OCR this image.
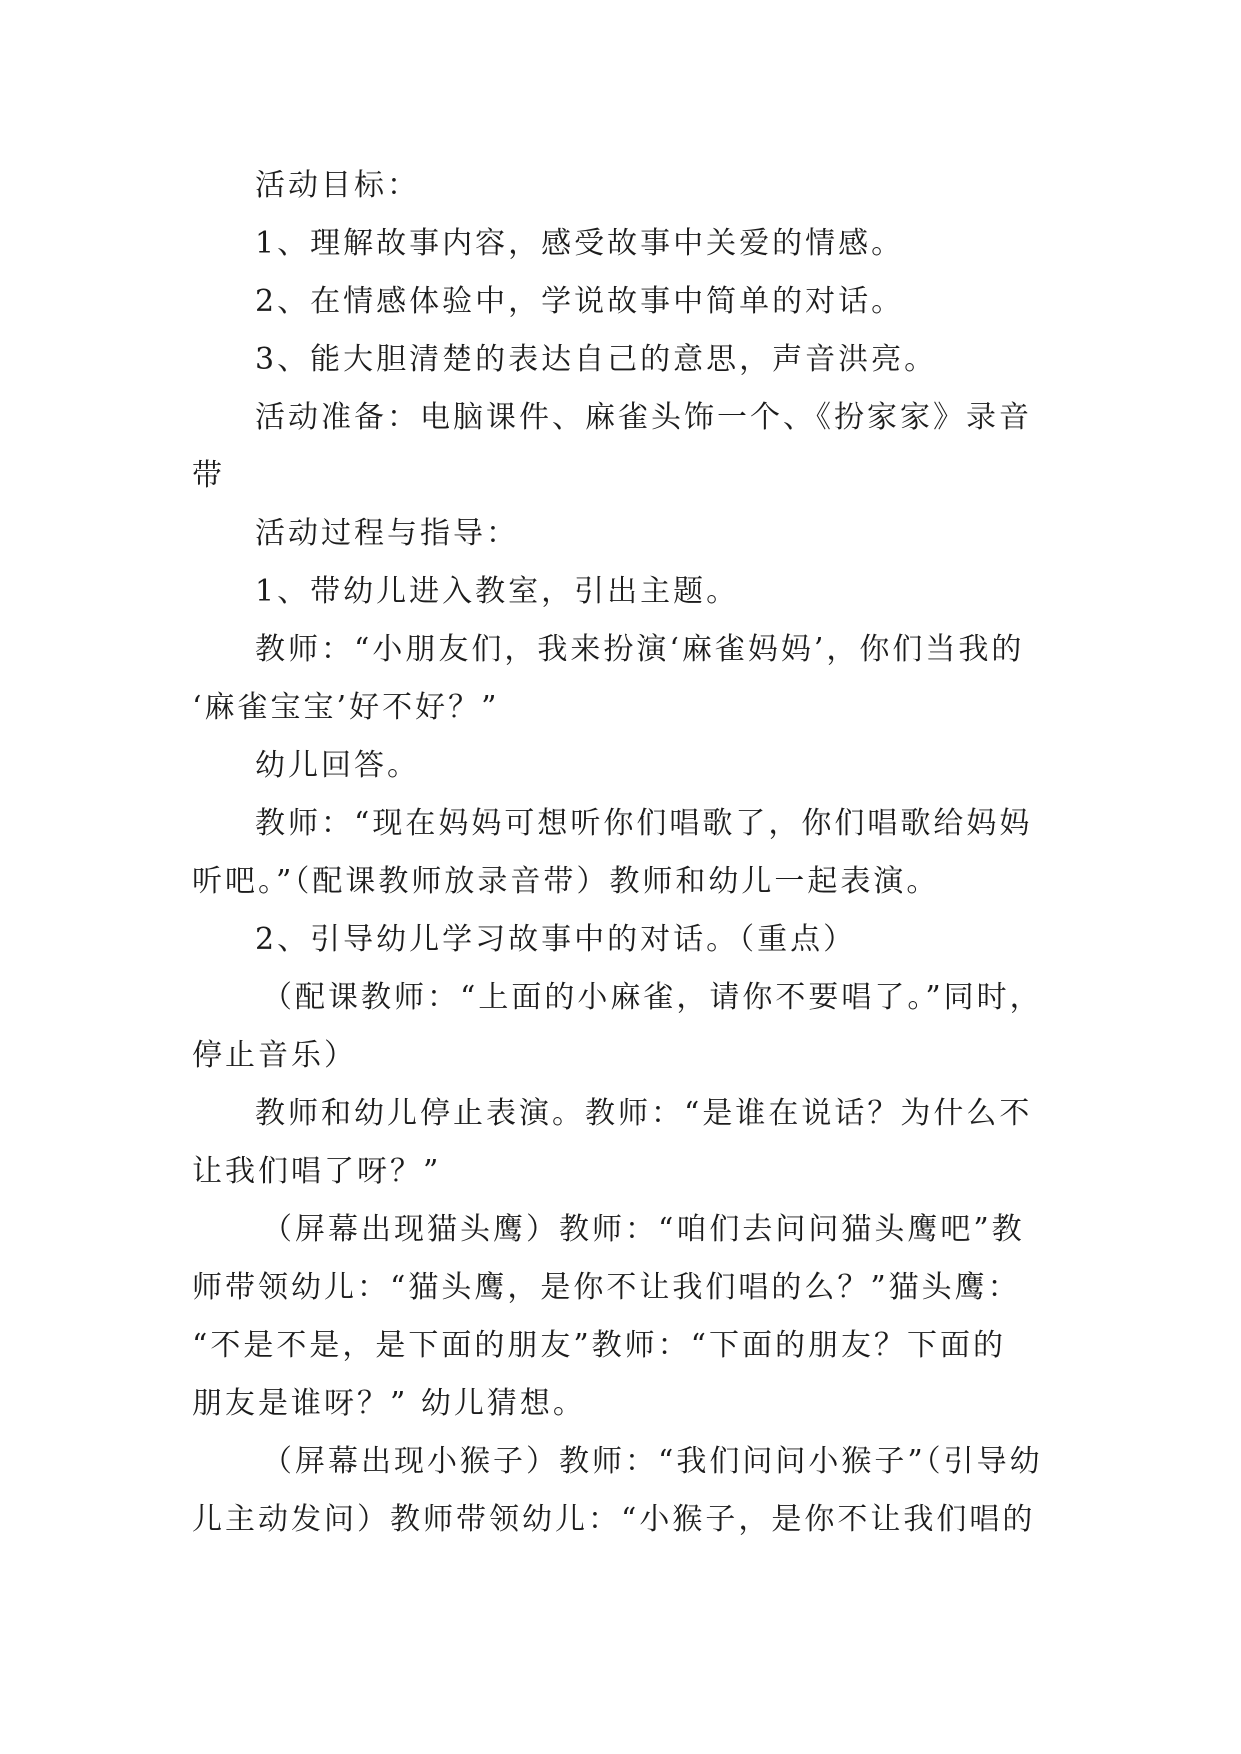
活动目标：
1、理解故事内容，感受故事中关爱的情感。
2、在情感体验中，学说故事中简单的对话。
3、能大胆清楚的表达自己的意思，声音洪亮。
活动准备：电脑课件、麻雀头饰一个、《扮家家》录音
带
活动过程与指导：
1、带幼儿进入教室，引出主题。
教师：“小朋友们，我来扮演‘麻雀妈妈’，你们当我的
‘麻雀宝宝’好不好？”
幼儿回答。
教师：“现在妈妈可想听你们唱歌了，你们唱歌给妈妈
听吧。”（配课教师放录音带）教师和幼儿一起表演。
2、引导幼儿学习故事中的对话。（重点）
（配课教师：“上面的小麻雀，请你不要唱了。”同时，
停止音乐）
教师和幼儿停止表演。教师：“是谁在说话？为什么不
让我们唱了呀？”
（屏幕出现猫头鹰）教师：“咱们去问问猫头鹰吧”教
师带领幼儿：“猫头鹰，是你不让我们唱的么？”猫头鹰：
“不是不是，是下面的朋友”教师：“下面的朋友？下面的
朋友是谁呀？” 幼儿猜想。
（屏幕出现小猴子）教师：“我们问问小猴子”（引导幼
儿主动发问）教师带领幼儿：“小猴子，是你不让我们唱的
